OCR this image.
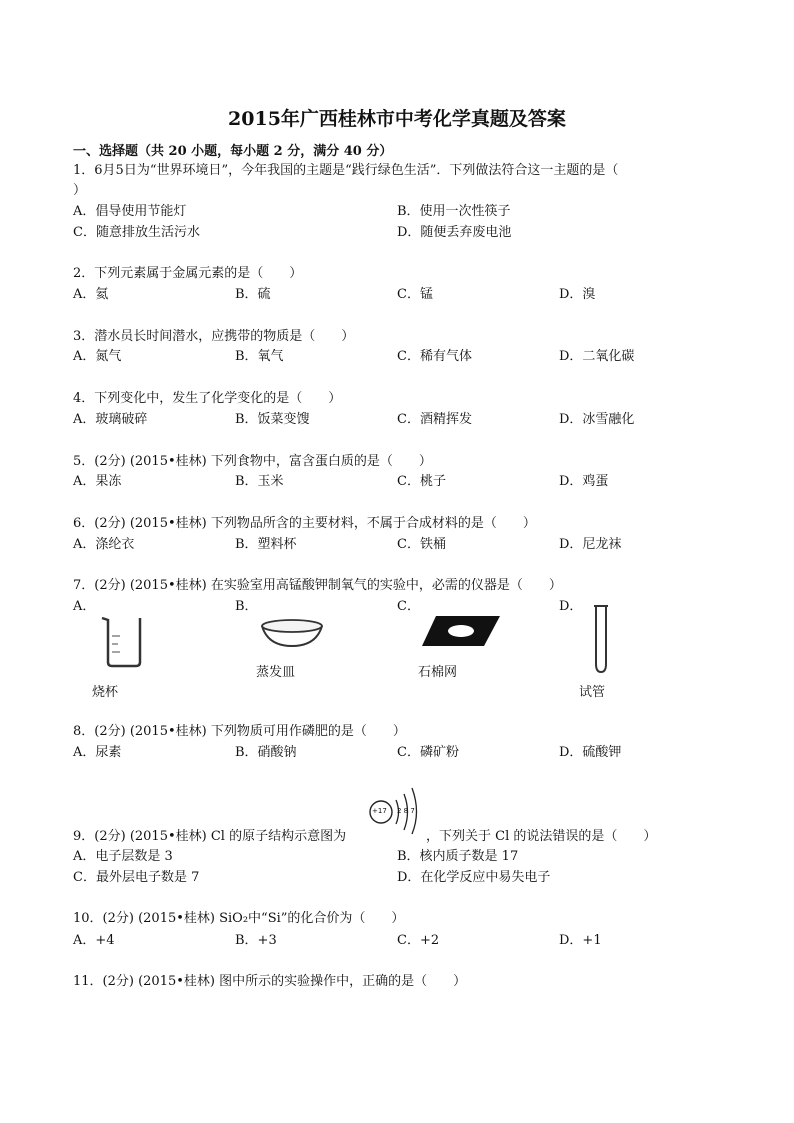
2015年广西桂林市中考化学真题及答案
一、选择题（共 20 小题，每小题 2 分，满分 40 分）
1．6月5日为“世界环境日”，今年我国的主题是“践行绿色生活”．下列做法符合这一主题的是（
）
A．倡导使用节能灯	B．使用一次性筷子
C．随意排放生活污水	D．随便丢弃废电池
2．下列元素属于金属元素的是（　　）
A．氦	B．硫	C．锰	D．溴
3．潜水员长时间潜水，应携带的物质是（　　）
A．氮气	B．氧气	C．稀有气体	D．二氧化碳
4．下列变化中，发生了化学变化的是（　　）
A．玻璃破碎	B．饭菜变馊	C．酒精挥发	D．冰雪融化
5．(2分) (2015•桂林) 下列食物中，富含蛋白质的是（　　）
A．果冻	B．玉米	C．桃子	D．鸡蛋
6．(2分) (2015•桂林) 下列物品所含的主要材料，不属于合成材料的是（　　）
A．涤纶衣	B．塑料杯	C．铁桶	D．尼龙袜
7．(2分) (2015•桂林) 在实验室用高锰酸钾制氧气的实验中，必需的仪器是（　　）
A．	B．	C．	D．
烧杯
蒸发皿	石棉网
试管
8．(2分) (2015•桂林) 下列物质可用作磷肥的是（　　）
A．尿素	B．硝酸钠	C．磷矿粉	D．硫酸钾
9．(2分) (2015•桂林) Cl 的原子结构示意图为
+17 2 8 7
，下列关于 Cl 的说法错误的是（　　）
A．电子层数是 3	B．核内质子数是 17
C．最外层电子数是 7	D．在化学反应中易失电子
10．(2分) (2015•桂林) SiO₂中“Si”的化合价为（　　）
A．+4	B．+3	C．+2	D．+1
11．(2分) (2015•桂林) 图中所示的实验操作中，正确的是（　　）
